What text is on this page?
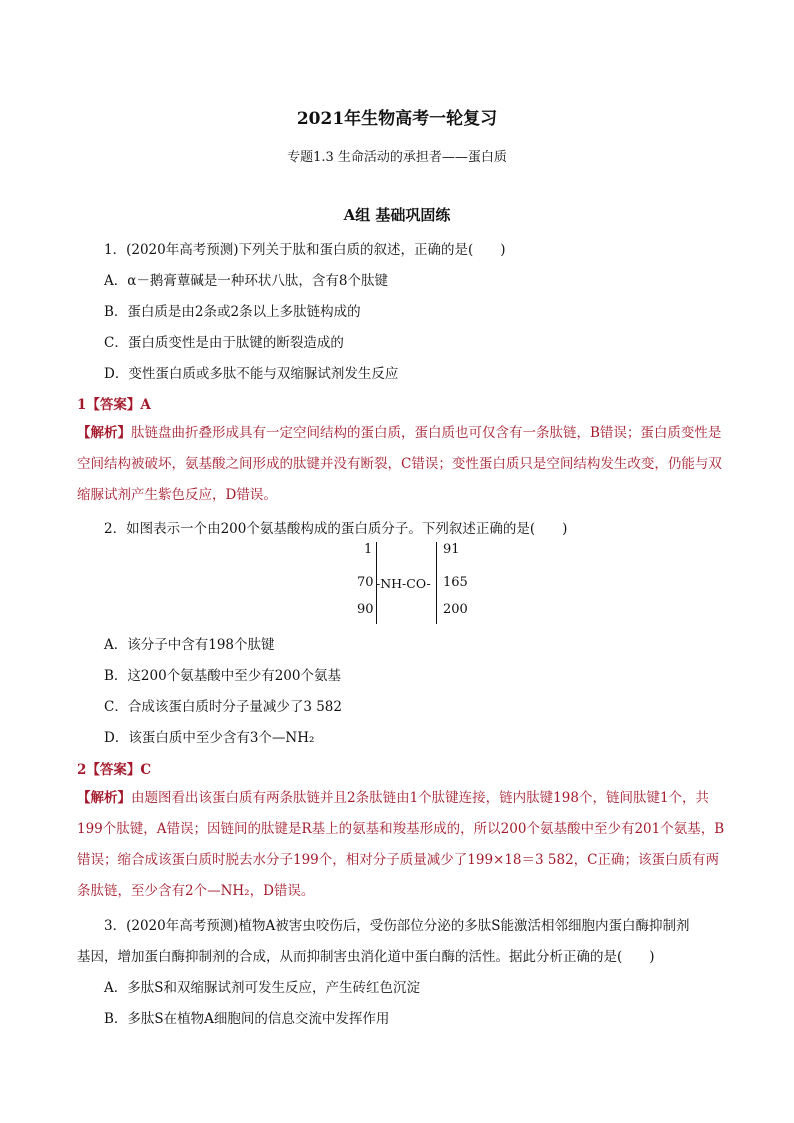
2021年生物高考一轮复习
专题1.3 生命活动的承担者——蛋白质
A组 基础巩固练
1．(2020年高考预测)下列关于肽和蛋白质的叙述，正确的是(　　)
A．α－鹅膏蕈碱是一种环状八肽，含有8个肽键
B．蛋白质是由2条或2条以上多肽链构成的
C．蛋白质变性是由于肽键的断裂造成的
D．变性蛋白质或多肽不能与双缩脲试剂发生反应
1【答案】A
【解析】肽链盘曲折叠形成具有一定空间结构的蛋白质，蛋白质也可仅含有一条肽链，B错误；蛋白质变性是空间结构被破坏，氨基酸之间形成的肽键并没有断裂，C错误；变性蛋白质只是空间结构发生改变，仍能与双缩脲试剂产生紫色反应，D错误。
2．如图表示一个由200个氨基酸构成的蛋白质分子。下列叙述正确的是(　　)
1
70
90
-NH-CO-
91
165
200
A．该分子中含有198个肽键
B．这200个氨基酸中至少有200个氨基
C．合成该蛋白质时分子量减少了3 582
D．该蛋白质中至少含有3个—NH₂
2【答案】C
【解析】由题图看出该蛋白质有两条肽链并且2条肽链由1个肽键连接，链内肽键198个，链间肽键1个，共199个肽键，A错误；因链间的肽键是R基上的氨基和羧基形成的，所以200个氨基酸中至少有201个氨基，B错误；缩合成该蛋白质时脱去水分子199个，相对分子质量减少了199×18＝3 582，C正确；该蛋白质有两条肽链，至少含有2个—NH₂，D错误。
3．(2020年高考预测)植物A被害虫咬伤后，受伤部位分泌的多肽S能激活相邻细胞内蛋白酶抑制剂
基因，增加蛋白酶抑制剂的合成，从而抑制害虫消化道中蛋白酶的活性。据此分析正确的是(　　)
A．多肽S和双缩脲试剂可发生反应，产生砖红色沉淀
B．多肽S在植物A细胞间的信息交流中发挥作用
